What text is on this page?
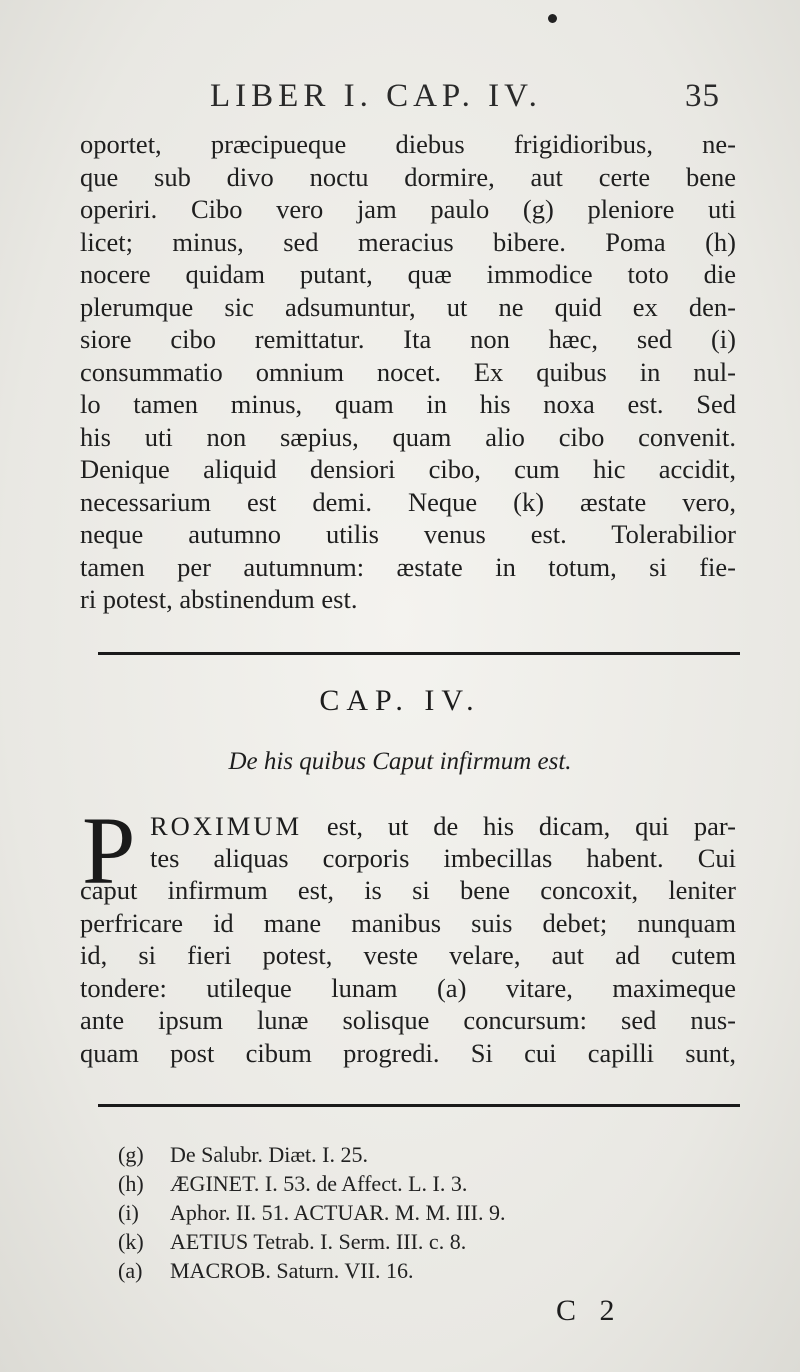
LIBER I. CAP. IV.	35
oportet, præcipueque diebus frigidioribus, ne-
que sub divo noctu dormire, aut certe bene
operiri. Cibo vero jam paulo (g) pleniore uti
licet; minus, sed meracius bibere. Poma (h)
nocere quidam putant, quæ immodice toto die
plerumque sic adsumuntur, ut ne quid ex den-
siore cibo remittatur. Ita non hæc, sed (i)
consummatio omnium nocet. Ex quibus in nul-
lo tamen minus, quam in his noxa est. Sed
his uti non sæpius, quam alio cibo convenit.
Denique aliquid densiori cibo, cum hic accidit,
necessarium est demi. Neque (k) æstate vero,
neque autumno utilis venus est. Tolerabilior
tamen per autumnum: æstate in totum, si fie-
ri potest, abstinendum est.
CAP. IV.
De his quibus Caput infirmum est.
P ROXIMUM est, ut de his dicam, qui par-
tes aliquas corporis imbecillas habent. Cui
caput infirmum est, is si bene concoxit, leniter
perfricare id mane manibus suis debet; nunquam
id, si fieri potest, veste velare, aut ad cutem
tondere: utileque lunam (a) vitare, maximeque
ante ipsum lunæ solisque concursum: sed nus-
quam post cibum progredi. Si cui capilli sunt,
(g) De Salubr. Diæt. I. 25.
(h) ÆGINET. I. 53. de Affect. L. I. 3.
(i) Aphor. II. 51. ACTUAR. M. M. III. 9.
(k) AETIUS Tetrab. I. Serm. III. c. 8.
(a) MACROB. Saturn. VII. 16.
C 2
